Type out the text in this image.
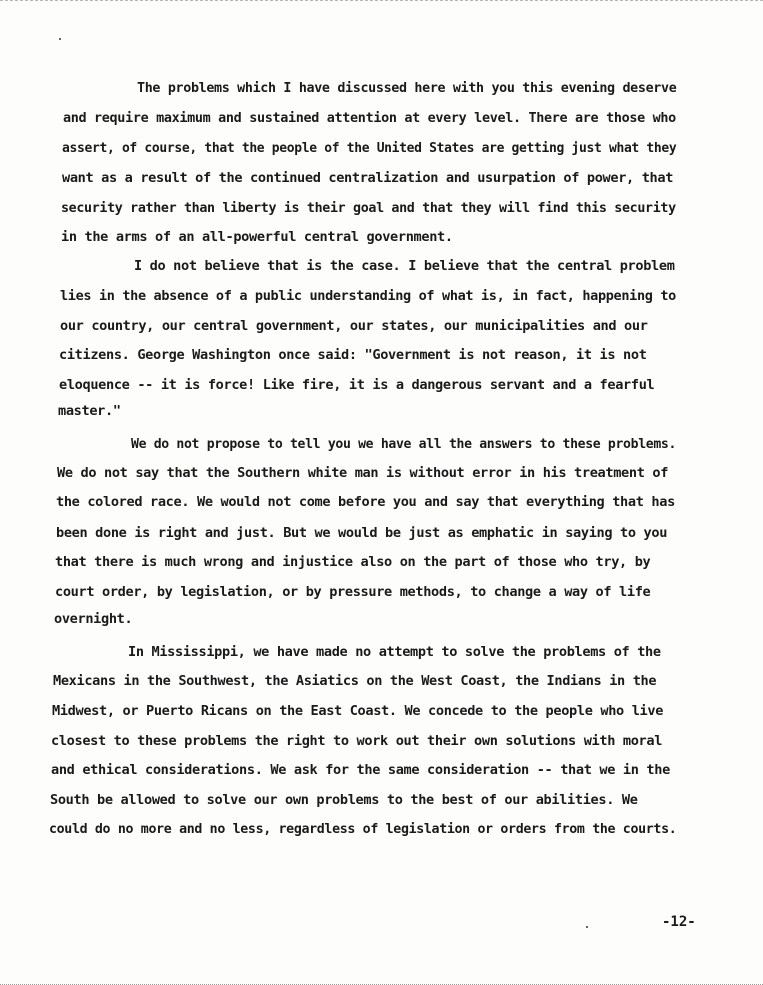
The problems which I have discussed here with you this evening deserve
and require maximum and sustained attention at every level. There are those who
assert, of course, that the people of the United States are getting just what they
want as a result of the continued centralization and usurpation of power, that
security rather than liberty is their goal and that they will find this security
in the arms of an all-powerful central government.
I do not believe that is the case. I believe that the central problem
lies in the absence of a public understanding of what is, in fact, happening to
our country, our central government, our states, our municipalities and our
citizens. George Washington once said: "Government is not reason, it is not
eloquence -- it is force! Like fire, it is a dangerous servant and a fearful
master."
We do not propose to tell you we have all the answers to these problems.
We do not say that the Southern white man is without error in his treatment of
the colored race. We would not come before you and say that everything that has
been done is right and just. But we would be just as emphatic in saying to you
that there is much wrong and injustice also on the part of those who try, by
court order, by legislation, or by pressure methods, to change a way of life
overnight.
In Mississippi, we have made no attempt to solve the problems of the
Mexicans in the Southwest, the Asiatics on the West Coast, the Indians in the
Midwest, or Puerto Ricans on the East Coast. We concede to the people who live
closest to these problems the right to work out their own solutions with moral
and ethical considerations. We ask for the same consideration -- that we in the
South be allowed to solve our own problems to the best of our abilities. We
could do no more and no less, regardless of legislation or orders from the courts.
-12-
